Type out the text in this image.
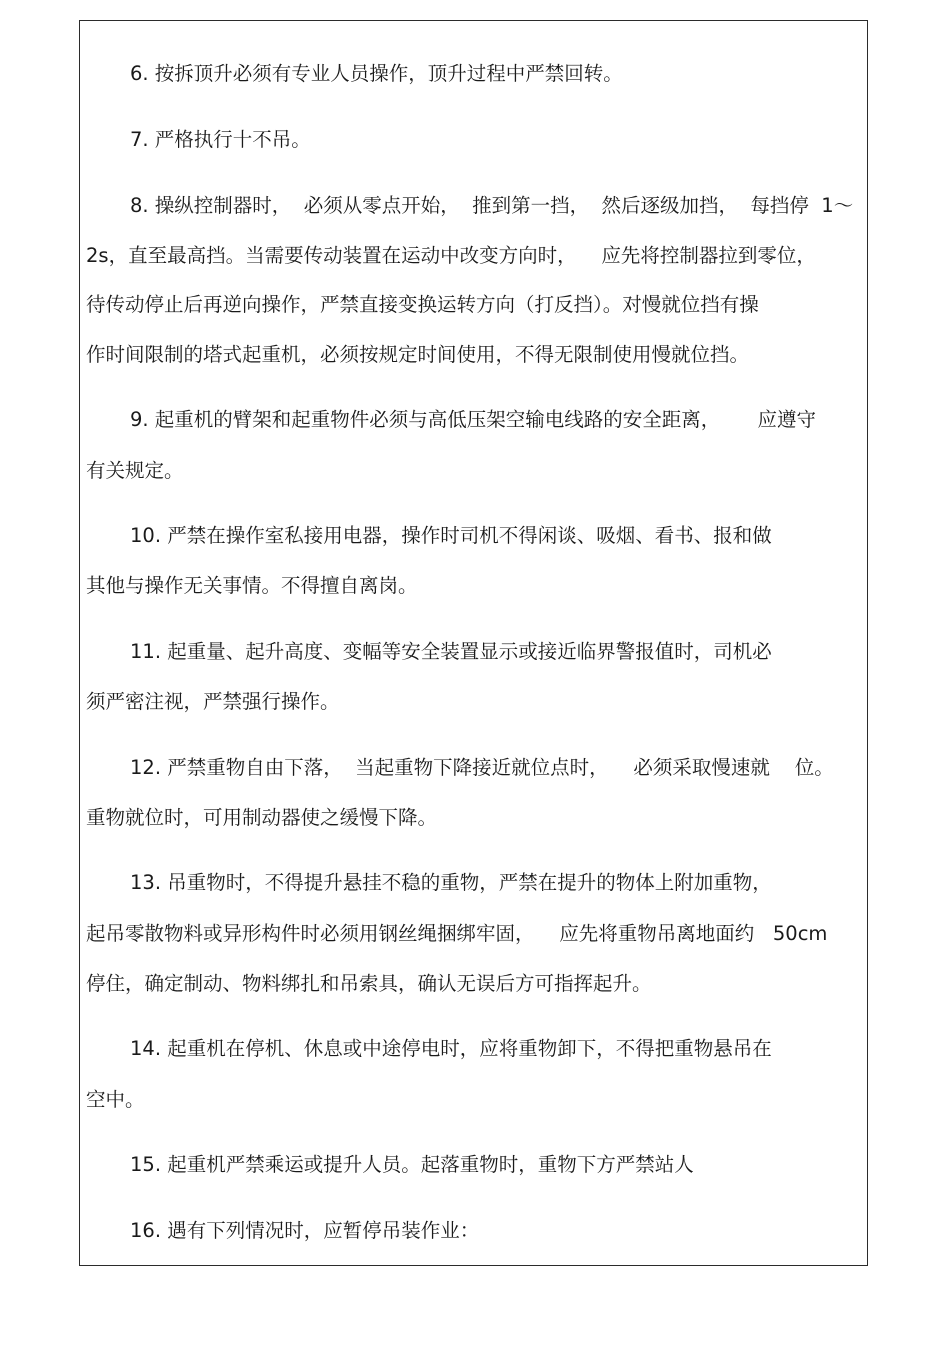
6. 按拆顶升必须有专业人员操作，顶升过程中严禁回转。
7. 严格执行十不吊。
8. 操纵控制器时，  必须从零点开始，  推到第一挡，  然后逐级加挡，  每挡停  1～
2s，直至最高挡。当需要传动装置在运动中改变方向时，    应先将控制器拉到零位，
待传动停止后再逆向操作，严禁直接变换运转方向（打反挡）。对慢就位挡有操
作时间限制的塔式起重机，必须按规定时间使用，不得无限制使用慢就位挡。
9. 起重机的臂架和起重物件必须与高低压架空输电线路的安全距离，      应遵守
有关规定。
10. 严禁在操作室私接用电器，操作时司机不得闲谈、吸烟、看书、报和做
其他与操作无关事情。不得擅自离岗。
11. 起重量、起升高度、变幅等安全装置显示或接近临界警报值时，司机必
须严密注视，严禁强行操作。
12. 严禁重物自由下落，  当起重物下降接近就位点时，    必须采取慢速就    位。
重物就位时，可用制动器使之缓慢下降。
13. 吊重物时，不得提升悬挂不稳的重物，严禁在提升的物体上附加重物，
起吊零散物料或异形构件时必须用钢丝绳捆绑牢固，    应先将重物吊离地面约   50cm
停住，确定制动、物料绑扎和吊索具，确认无误后方可指挥起升。
14. 起重机在停机、休息或中途停电时，应将重物卸下，不得把重物悬吊在
空中。
15. 起重机严禁乘运或提升人员。起落重物时，重物下方严禁站人
16. 遇有下列情况时，应暂停吊装作业：
